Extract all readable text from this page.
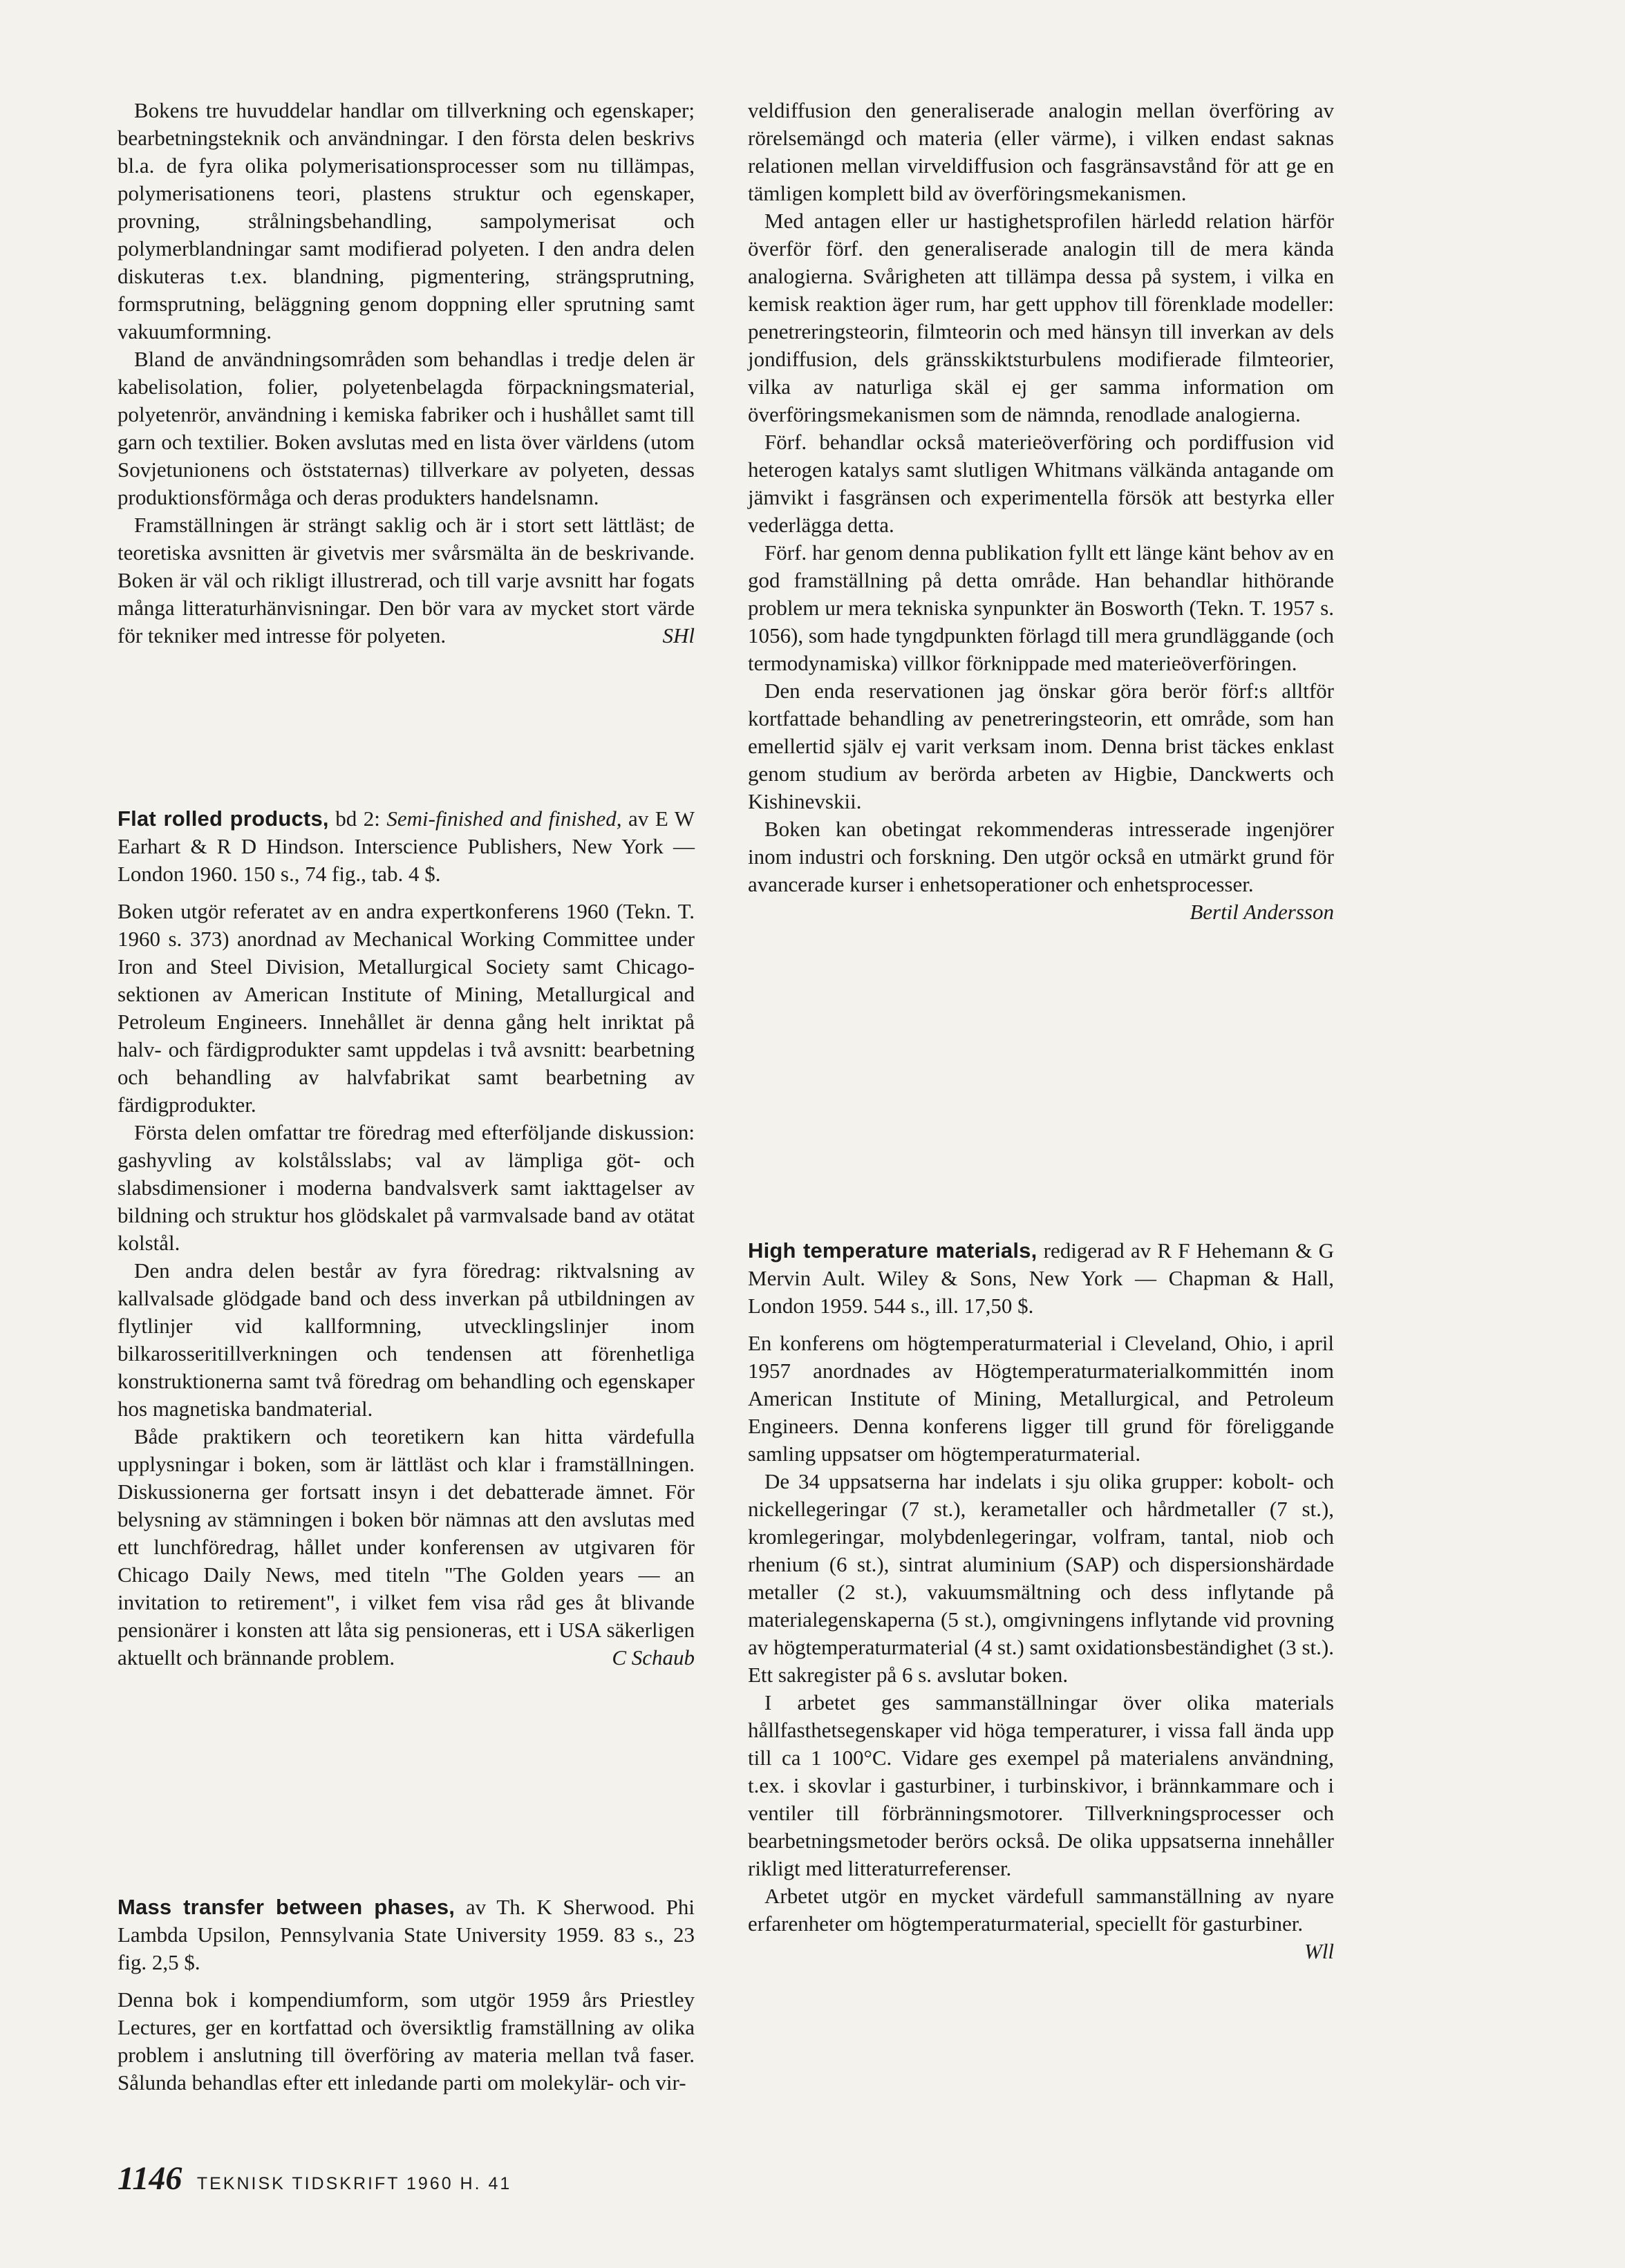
Bokens tre huvuddelar handlar om tillverkning och egenskaper; bearbetningsteknik och användningar. I den första delen beskrivs bl.a. de fyra olika polymerisationsprocesser som nu tillämpas, polymerisationens teori, plastens struktur och egenskaper, provning, strålningsbehandling, sampolymerisat och polymerblandningar samt modifierad polyeten. I den andra delen diskuteras t.ex. blandning, pigmentering, strängsprutning, formsprutning, beläggning genom doppning eller sprutning samt vakuumformning.

Bland de användningsområden som behandlas i tredje delen är kabelisolation, folier, polyetenbelagda förpackningsmaterial, polyetenrör, användning i kemiska fabriker och i hushållet samt till garn och textilier. Boken avslutas med en lista över världens (utom Sovjetunionens och öststaternas) tillverkare av polyeten, dessas produktionsförmåga och deras produkters handelsnamn.

Framställningen är strängt saklig och är i stort sett lättläst; de teoretiska avsnitten är givetvis mer svårsmälta än de beskrivande. Boken är väl och rikligt illustrerad, och till varje avsnitt har fogats många litteraturhänvisningar. Den bör vara av mycket stort värde för tekniker med intresse för polyeten.	SHl

Flat rolled products, bd 2: Semi-finished and finished, av E W Earhart & R D Hindson. Interscience Publishers, New York — London 1960. 150 s., 74 fig., tab. 4 $.

Boken utgör referatet av en andra expertkonferens 1960 (Tekn. T. 1960 s. 373) anordnad av Mechanical Working Committee under Iron and Steel Division, Metallurgical Society samt Chicago-sektionen av American Institute of Mining, Metallurgical and Petroleum Engineers. Innehållet är denna gång helt inriktat på halv- och färdigprodukter samt uppdelas i två avsnitt: bearbetning och behandling av halvfabrikat samt bearbetning av färdigprodukter.

Första delen omfattar tre föredrag med efterföljande diskussion: gashyvling av kolstålsslabs; val av lämpliga göt- och slabsdimensioner i moderna bandvalsverk samt iakttagelser av bildning och struktur hos glödskalet på varmvalsade band av otätat kolstål.

Den andra delen består av fyra föredrag: riktvalsning av kallvalsade glödgade band och dess inverkan på utbildningen av flytlinjer vid kallformning, utvecklingslinjer inom bilkarosseritillverkningen och tendensen att förenhetliga konstruktionerna samt två föredrag om behandling och egenskaper hos magnetiska bandmaterial.

Både praktikern och teoretikern kan hitta värdefulla upplysningar i boken, som är lättläst och klar i framställningen. Diskussionerna ger fortsatt insyn i det debatterade ämnet. För belysning av stämningen i boken bör nämnas att den avslutas med ett lunchföredrag, hållet under konferensen av utgivaren för Chicago Daily News, med titeln "The Golden years — an invitation to retirement", i vilket fem visa råd ges åt blivande pensionärer i konsten att låta sig pensioneras, ett i USA säkerligen aktuellt och brännande problem.	C Schaub

Mass transfer between phases, av Th. K Sherwood. Phi Lambda Upsilon, Pennsylvania State University 1959. 83 s., 23 fig. 2,5 $.

Denna bok i kompendiumform, som utgör 1959 års Priestley Lectures, ger en kortfattad och översiktlig framställning av olika problem i anslutning till överföring av materia mellan två faser. Sålunda behandlas efter ett inledande parti om molekylär- och vir-

veldiffusion den generaliserade analogin mellan överföring av rörelsemängd och materia (eller värme), i vilken endast saknas relationen mellan virveldiffusion och fasgränsavstånd för att ge en tämligen komplett bild av överföringsmekanismen.

Med antagen eller ur hastighetsprofilen härledd relation härför överför förf. den generaliserade analogin till de mera kända analogierna. Svårigheten att tillämpa dessa på system, i vilka en kemisk reaktion äger rum, har gett upphov till förenklade modeller: penetreringsteorin, filmteorin och med hänsyn till inverkan av dels jondiffusion, dels gränsskiktsturbulens modifierade filmteorier, vilka av naturliga skäl ej ger samma information om överföringsmekanismen som de nämnda, renodlade analogierna.

Förf. behandlar också materieöverföring och pordiffusion vid heterogen katalys samt slutligen Whitmans välkända antagande om jämvikt i fasgränsen och experimentella försök att bestyrka eller vederlägga detta.

Förf. har genom denna publikation fyllt ett länge känt behov av en god framställning på detta område. Han behandlar hithörande problem ur mera tekniska synpunkter än Bosworth (Tekn. T. 1957 s. 1056), som hade tyngdpunkten förlagd till mera grundläggande (och termodynamiska) villkor förknippade med materieöverföringen.

Den enda reservationen jag önskar göra berör förf:s alltför kortfattade behandling av penetreringsteorin, ett område, som han emellertid själv ej varit verksam inom. Denna brist täckes enklast genom studium av berörda arbeten av Higbie, Danckwerts och Kishinevskii.

Boken kan obetingat rekommenderas intresserade ingenjörer inom industri och forskning. Den utgör också en utmärkt grund för avancerade kurser i enhetsoperationer och enhetsprocesser.

Bertil Andersson

High temperature materials, redigerad av R F Hehemann & G Mervin Ault. Wiley & Sons, New York — Chapman & Hall, London 1959. 544 s., ill. 17,50 $.

En konferens om högtemperaturmaterial i Cleveland, Ohio, i april 1957 anordnades av Högtemperaturmaterialkommittén inom American Institute of Mining, Metallurgical, and Petroleum Engineers. Denna konferens ligger till grund för föreliggande samling uppsatser om högtemperaturmaterial.

De 34 uppsatserna har indelats i sju olika grupper: kobolt- och nickellegeringar (7 st.), kerametaller och hårdmetaller (7 st.), kromlegeringar, molybdenlegeringar, volfram, tantal, niob och rhenium (6 st.), sintrat aluminium (SAP) och dispersionshärdade metaller (2 st.), vakuumsmältning och dess inflytande på materialegenskaperna (5 st.), omgivningens inflytande vid provning av högtemperaturmaterial (4 st.) samt oxidationsbeständighet (3 st.). Ett sakregister på 6 s. avslutar boken.

I arbetet ges sammanställningar över olika materials hållfasthetsegenskaper vid höga temperaturer, i vissa fall ända upp till ca 1 100°C. Vidare ges exempel på materialens användning, t.ex. i skovlar i gasturbiner, i turbinskivor, i brännkammare och i ventiler till förbränningsmotorer. Tillverkningsprocesser och bearbetningsmetoder berörs också. De olika uppsatserna innehåller rikligt med litteraturreferenser.

Arbetet utgör en mycket värdefull sammanställning av nyare erfarenheter om högtemperaturmaterial, speciellt för gasturbiner.
Wll

1146 TEKNISK TIDSKRIFT 1960 H. 41
